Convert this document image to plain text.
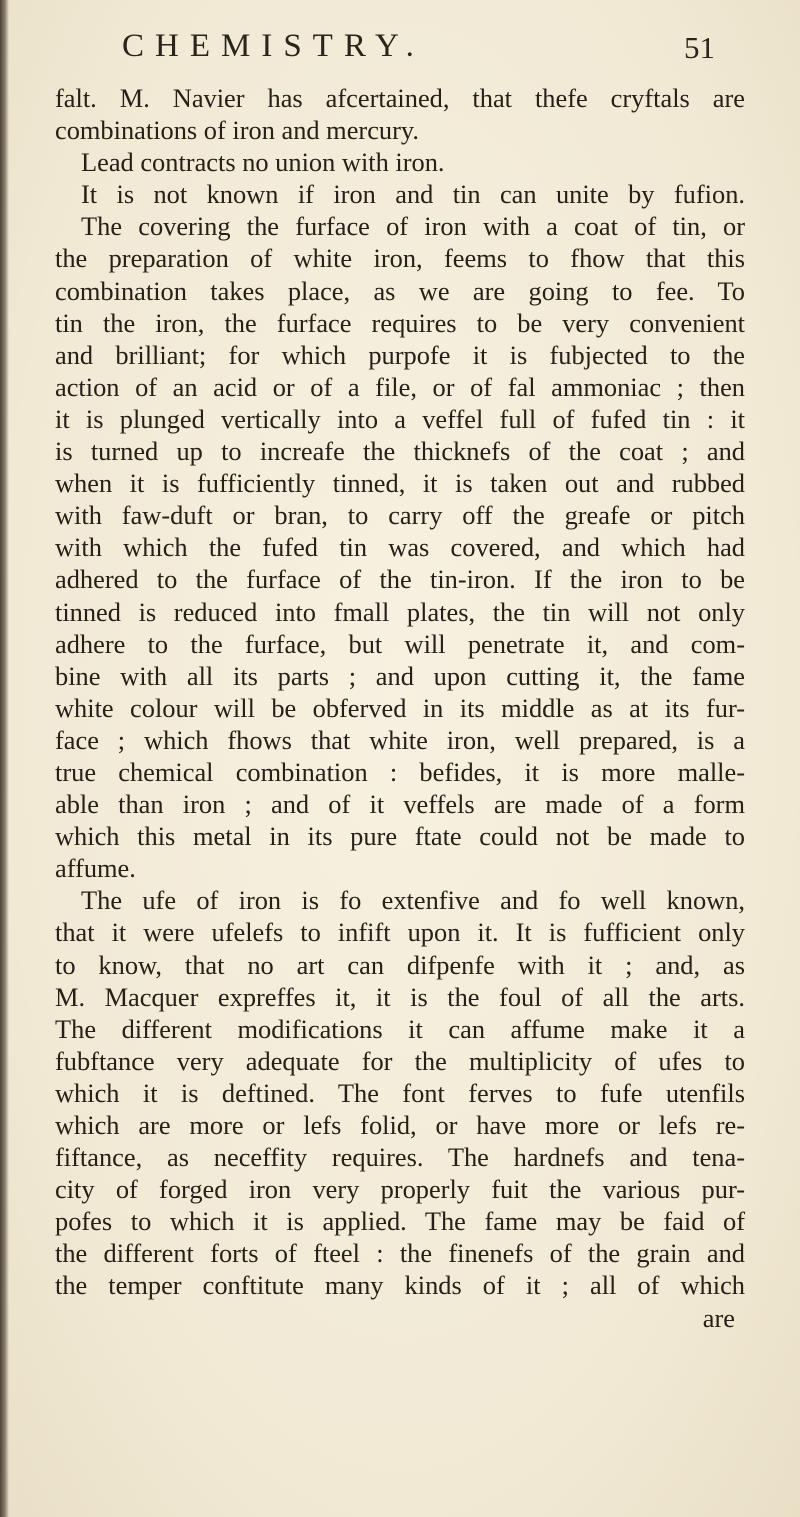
CHEMISTRY.	51
falt. M. Navier has afcertained, that thefe cryftals are
combinations of iron and mercury.
Lead contracts no union with iron.
It is not known if iron and tin can unite by fufion.
The covering the furface of iron with a coat of tin, or
the preparation of white iron, feems to fhow that this
combination takes place, as we are going to fee. To
tin the iron, the furface requires to be very convenient
and brilliant; for which purpofe it is fubjected to the
action of an acid or of a file, or of fal ammoniac ; then
it is plunged vertically into a veffel full of fufed tin : it
is turned up to increafe the thicknefs of the coat ; and
when it is fufficiently tinned, it is taken out and rubbed
with faw-duft or bran, to carry off the greafe or pitch
with which the fufed tin was covered, and which had
adhered to the furface of the tin-iron. If the iron to be
tinned is reduced into fmall plates, the tin will not only
adhere to the furface, but will penetrate it, and com-
bine with all its parts ; and upon cutting it, the fame
white colour will be obferved in its middle as at its fur-
face ; which fhows that white iron, well prepared, is a
true chemical combination : befides, it is more malle-
able than iron ; and of it veffels are made of a form
which this metal in its pure ftate could not be made to
affume.
The ufe of iron is fo extenfive and fo well known,
that it were ufelefs to infift upon it. It is fufficient only
to know, that no art can difpenfe with it ; and, as
M. Macquer expreffes it, it is the foul of all the arts.
The different modifications it can affume make it a
fubftance very adequate for the multiplicity of ufes to
which it is deftined. The font ferves to fufe utenfils
which are more or lefs folid, or have more or lefs re-
fiftance, as neceffity requires. The hardnefs and tena-
city of forged iron very properly fuit the various pur-
pofes to which it is applied. The fame may be faid of
the different forts of fteel : the finenefs of the grain and
the temper conftitute many kinds of it ; all of which
are
